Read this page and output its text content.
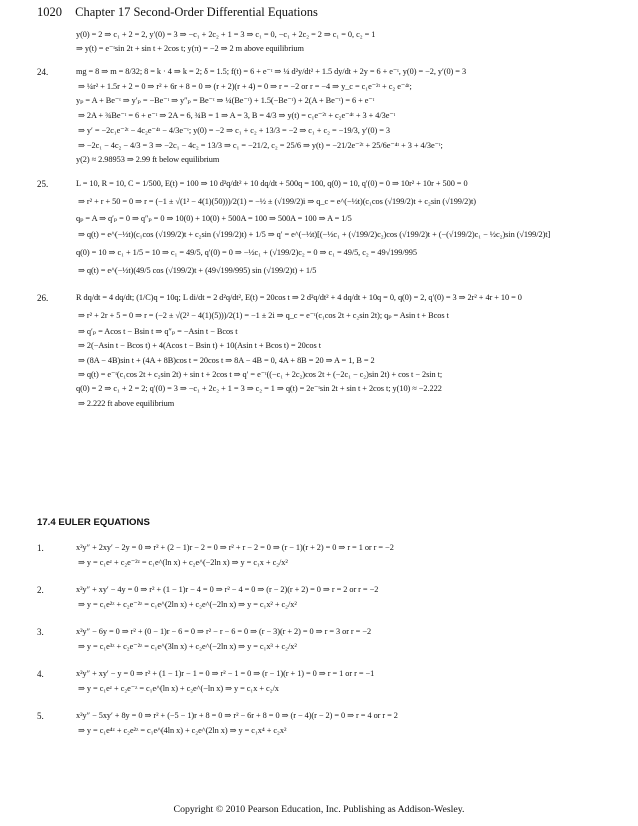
1020 Chapter 17 Second-Order Differential Equations
y(0) = 2 ⇒ c₁ + 2 = 2, y′(0) = 3 ⇒ −c₁ + 2c₂ + 1 = 3 ⇒ c₁ = 0, −c₁ + 2c₂ = 2 ⇒ c₁ = 0, c₂ = 1
⇒ y(t) = e⁻ᵗsin 2t + sin t + 2cos t; y(π) = −2 ⇒ 2 m above equilibrium
mg = 8 ⇒ m = 8/32; 8 = k · 4 ⇒ k = 2; δ = 1.5; f(t) = 6 + e⁻ᵗ ⇒ ¼ d²y/dt² + 1.5 dy/dt + 2y = 6 + e⁻ᵗ, y(0) = −2, y′(0) = 3
⇒ ¼r² + 1.5r + 2 = 0 ⇒ r² + 6r + 8 = 0 ⇒ (r + 2)(r + 4) = 0 ⇒ r = −2 or r = −4 ⇒ y_c = c₁e⁻²ᵗ + c₂ e⁻⁴ᵗ;
yₚ = A + Be⁻ᵗ ⇒ y′ₚ = −Be⁻ᵗ ⇒ y″ₚ = Be⁻ᵗ ⇒ ¼(Be⁻ᵗ) + 1.5(−Be⁻ᵗ) + 2(A + Be⁻ᵗ) = 6 + e⁻ᵗ
⇒ 2A + ¾Be⁻ᵗ = 6 + e⁻ᵗ ⇒ 2A = 6, ¾B = 1 ⇒ A = 3, B = 4/3 ⇒ y(t) = c₁e⁻²ᵗ + c₂e⁻⁴ᵗ + 3 + 4/3e⁻ᵗ
⇒ y′ = −2c₁e⁻²ᵗ − 4c₂e⁻⁴ᵗ − 4/3e⁻ᵗ; y(0) = −2 ⇒ c₁ + c₂ + 13/3 = −2 ⇒ c₁ + c₂ = −19/3, y′(0) = 3
⇒ −2c₁ − 4c₂ − 4/3 = 3 ⇒ −2c₁ − 4c₂ = 13/3 ⇒ c₁ = −21/2, c₂ = 25/6 ⇒ y(t) = −21/2e⁻²ᵗ + 25/6e⁻⁴ᵗ + 3 + 4/3e⁻ᵗ;
y(2) ≈ 2.98953 ⇒ 2.99 ft below equilibrium
L = 10, R = 10, C = 1/500, E(t) = 100 ⇒ 10 d²q/dt² + 10 dq/dt + 500q = 100, q(0) = 10, q′(0) = 0 ⇒ 10r² + 10r + 500 = 0
⇒ r² + r + 50 = 0 ⇒ r = (−1 ± √(1² − 4(1)(50)))/2(1) = −½ ± (√199/2)i ⇒ q_c = e^(−½t)(c₁cos (√199/2)t + c₂sin (√199/2)t)
qₚ = A ⇒ q′ₚ = 0 ⇒ q″ₚ = 0 ⇒ 10(0) + 10(0) + 500A = 100 ⇒ 500A = 100 ⇒ A = 1/5
⇒ q(t) = e^(−½t)(c₁cos (√199/2)t + c₂sin (√199/2)t) + 1/5 ⇒ q′ = e^(−½t)[(−½c₁ + (√199/2)c₂)cos (√199/2)t + (−(√199/2)c₁ − ½c₂)sin (√199/2)t]
q(0) = 10 ⇒ c₁ + 1/5 = 10 ⇒ c₁ = 49/5, q′(0) = 0 ⇒ −½c₁ + (√199/2)c₂ = 0 ⇒ c₁ = 49/5, c₂ = 49√199/995
⇒ q(t) = e^(−½t)(49/5 cos (√199/2)t + (49√199/995) sin (√199/2)t) + 1/5
R dq/dt = 4 dq/dt; (1/C)q = 10q; L di/dt = 2 d²q/dt², E(t) = 20cos t ⇒ 2 d²q/dt² + 4 dq/dt + 10q = 0, q(0) = 2, q′(0) = 3 ⇒ 2r² + 4r + 10 = 0
⇒ r² + 2r + 5 = 0 ⇒ r = (−2 ± √(2² − 4(1)(5)))/2(1) = −1 ± 2i ⇒ q_c = e⁻ᵗ(c₁cos 2t + c₂sin 2t); qₚ = Asin t + Bcos t
⇒ q′ₚ = Acos t − Bsin t ⇒ q″ₚ = −Asin t − Bcos t
⇒ 2(−Asin t − Bcos t) + 4(Acos t − Bsin t) + 10(Asin t + Bcos t) = 20cos t
⇒ (8A − 4B)sin t + (4A + 8B)cos t = 20cos t ⇒ 8A − 4B = 0, 4A + 8B = 20 ⇒ A = 1, B = 2
⇒ q(t) = e⁻ᵗ(c₁cos 2t + c₂sin 2t) + sin t + 2cos t ⇒ q′ = e⁻ᵗ((−c₁ + 2c₂)cos 2t + (−2c₁ − c₂)sin 2t) + cos t − 2sin t;
q(0) = 2 ⇒ c₁ + 2 = 2; q′(0) = 3 ⇒ −c₁ + 2c₂ + 1 = 3 ⇒ c₂ = 1 ⇒ q(t) = 2e⁻ᵗsin 2t + sin t + 2cos t; y(10) ≈ −2.222
⇒ 2.222 ft above equilibrium
x²y″ + 2xy′ − 2y = 0 ⇒ r² + (2 − 1)r − 2 = 0 ⇒ r² + r − 2 = 0 ⇒ (r − 1)(r + 2) = 0 ⇒ r = 1 or r = −2
⇒ y = c₁eᶻ + c₂e⁻²ᶻ = c₁e^(ln x) + c₂e^(−2ln x) ⇒ y = c₁x + c₂/x²
x²y″ + xy′ − 4y = 0 ⇒ r² + (1 − 1)r − 4 = 0 ⇒ r² − 4 = 0 ⇒ (r − 2)(r + 2) = 0 ⇒ r = 2 or r = −2
⇒ y = c₁e²ᶻ + c₂e⁻²ᶻ = c₁e^(2ln x) + c₂e^(−2ln x) ⇒ y = c₁x² + c₂/x²
x²y″ − 6y = 0 ⇒ r² + (0 − 1)r − 6 = 0 ⇒ r² − r − 6 = 0 ⇒ (r − 3)(r + 2) = 0 ⇒ r = 3 or r = −2
⇒ y = c₁e³ᶻ + c₂e⁻²ᶻ = c₁e^(3ln x) + c₂e^(−2ln x) ⇒ y = c₁x³ + c₂/x²
x²y″ + xy′ − y = 0 ⇒ r² + (1 − 1)r − 1 = 0 ⇒ r² − 1 = 0 ⇒ (r − 1)(r + 1) = 0 ⇒ r = 1 or r = −1
⇒ y = c₁eᶻ + c₂e⁻ᶻ = c₁e^(ln x) + c₂e^(−ln x) ⇒ y = c₁x + c₂/x
x²y″ − 5xy′ + 8y = 0 ⇒ r² + (−5 − 1)r + 8 = 0 ⇒ r² − 6r + 8 = 0 ⇒ (r − 4)(r − 2) = 0 ⇒ r = 4 or r = 2
⇒ y = c₁e⁴ᶻ + c₂e²ᶻ = c₁e^(4ln x) + c₂e^(2ln x) ⇒ y = c₁x⁴ + c₂x²
24.
25.
26.
1.
2.
3.
4.
5.
17.4 EULER EQUATIONS
Copyright © 2010 Pearson Education, Inc. Publishing as Addison-Wesley.
